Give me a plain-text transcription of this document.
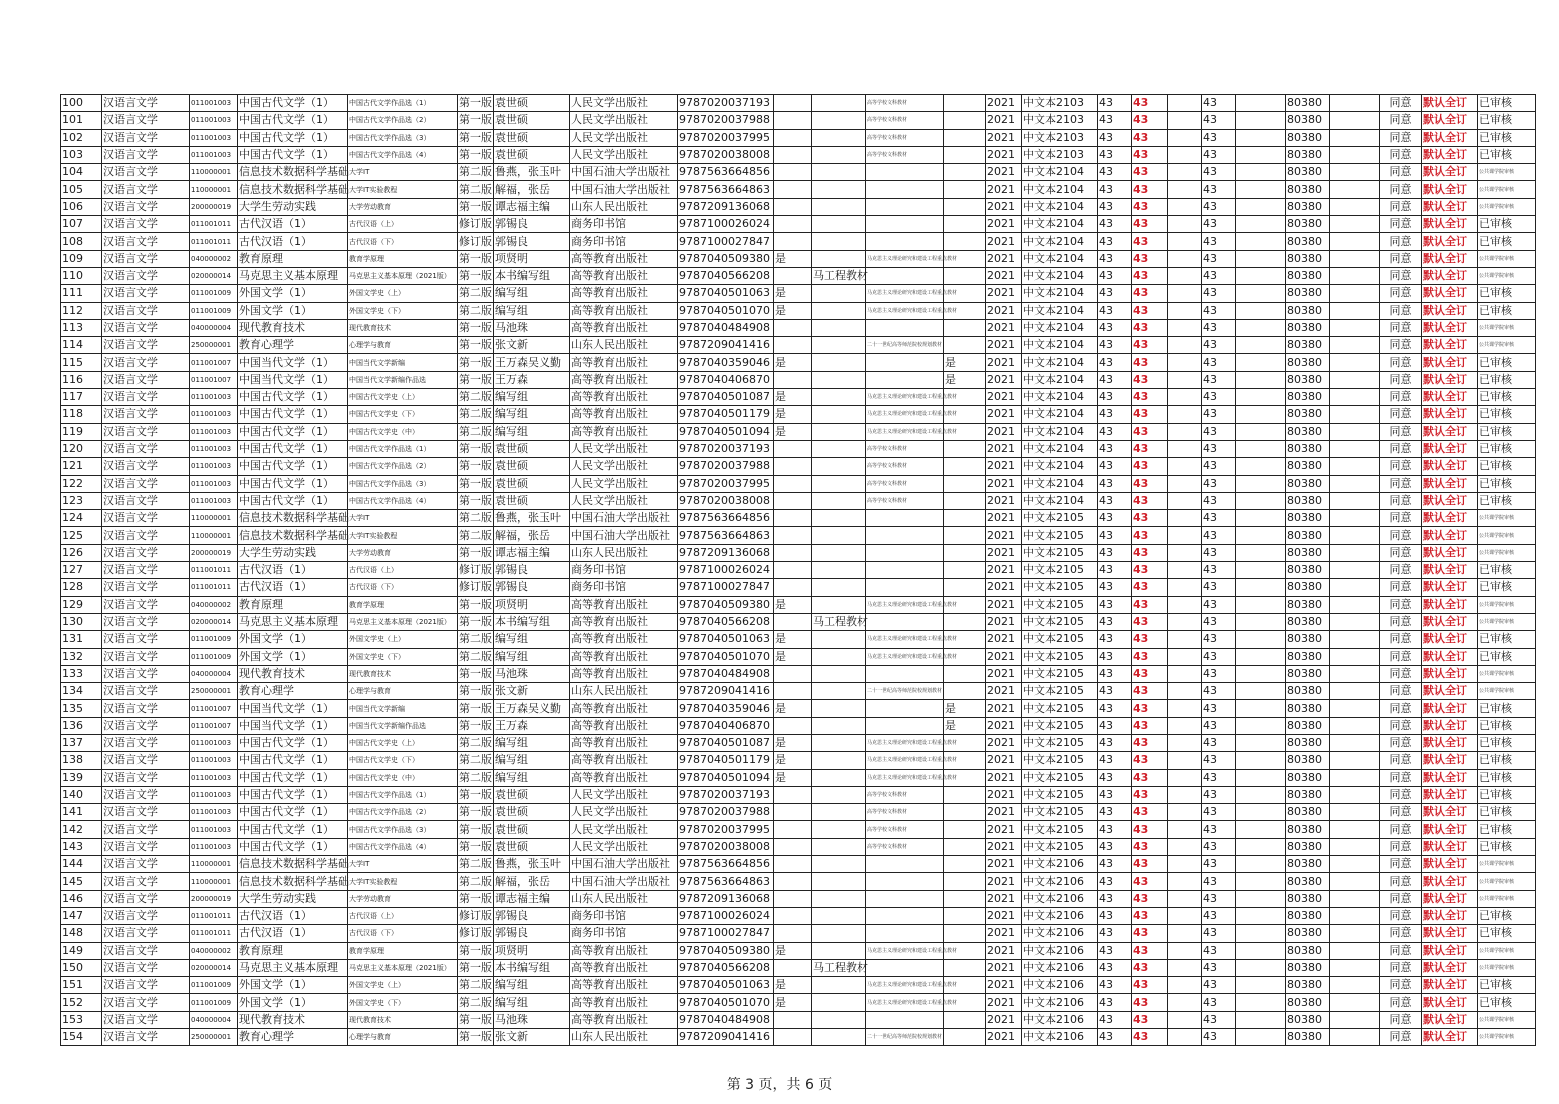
100	汉语言文学	011001003	中国古代文学（1）	中国古代文学作品选（1）	第一版	袁世硕	人民文学出版社	9787020037193			高等学校文科教材		2021	中文本2103	43	43		43		80380		同意	默认全订	已审核
101	汉语言文学	011001003	中国古代文学（1）	中国古代文学作品选（2）	第一版	袁世硕	人民文学出版社	9787020037988			高等学校文科教材		2021	中文本2103	43	43		43		80380		同意	默认全订	已审核
102	汉语言文学	011001003	中国古代文学（1）	中国古代文学作品选（3）	第一版	袁世硕	人民文学出版社	9787020037995			高等学校文科教材		2021	中文本2103	43	43		43		80380		同意	默认全订	已审核
103	汉语言文学	011001003	中国古代文学（1）	中国古代文学作品选（4）	第一版	袁世硕	人民文学出版社	9787020038008			高等学校文科教材		2021	中文本2103	43	43		43		80380		同意	默认全订	已审核
104	汉语言文学	110000001	信息技术数据科学基础	大学IT	第二版	鲁燕，张玉叶	中国石油大学出版社	9787563664856					2021	中文本2104	43	43		43		80380		同意	默认全订	公共课学院审核
105	汉语言文学	110000001	信息技术数据科学基础	大学IT实验教程	第二版	解福，张岳	中国石油大学出版社	9787563664863					2021	中文本2104	43	43		43		80380		同意	默认全订	公共课学院审核
106	汉语言文学	200000019	大学生劳动实践	大学劳动教育	第一版	谭志福主编	山东人民出版社	9787209136068					2021	中文本2104	43	43		43		80380		同意	默认全订	公共课学院审核
107	汉语言文学	011001011	古代汉语（1）	古代汉语（上）	修订版	郭锡良	商务印书馆	9787100026024					2021	中文本2104	43	43		43		80380		同意	默认全订	已审核
108	汉语言文学	011001011	古代汉语（1）	古代汉语（下）	修订版	郭锡良	商务印书馆	9787100027847					2021	中文本2104	43	43		43		80380		同意	默认全订	已审核
109	汉语言文学	040000002	教育原理	教育学原理	第一版	项贤明	高等教育出版社	9787040509380	是		马克思主义理论研究和建设工程重点教材		2021	中文本2104	43	43		43		80380		同意	默认全订	公共课学院审核
110	汉语言文学	020000014	马克思主义基本原理	马克思主义基本原理（2021版）	第一版	本书编写组	高等教育出版社	9787040566208		马工程教材			2021	中文本2104	43	43		43		80380		同意	默认全订	公共课学院审核
111	汉语言文学	011001009	外国文学（1）	外国文学史（上）	第二版	编写组	高等教育出版社	9787040501063	是		马克思主义理论研究和建设工程重点教材		2021	中文本2104	43	43		43		80380		同意	默认全订	已审核
112	汉语言文学	011001009	外国文学（1）	外国文学史（下）	第二版	编写组	高等教育出版社	9787040501070	是		马克思主义理论研究和建设工程重点教材		2021	中文本2104	43	43		43		80380		同意	默认全订	已审核
113	汉语言文学	040000004	现代教育技术	现代教育技术	第一版	马池珠	高等教育出版社	9787040484908					2021	中文本2104	43	43		43		80380		同意	默认全订	公共课学院审核
114	汉语言文学	250000001	教育心理学	心理学与教育	第一版	张文新	山东人民出版社	9787209041416			二十一世纪高等师范院校规划教材		2021	中文本2104	43	43		43		80380		同意	默认全订	公共课学院审核
115	汉语言文学	011001007	中国当代文学（1）	中国当代文学新编	第一版	王万森吴义勤	高等教育出版社	9787040359046	是			是	2021	中文本2104	43	43		43		80380		同意	默认全订	已审核
116	汉语言文学	011001007	中国当代文学（1）	中国当代文学新编作品选	第一版	王万森	高等教育出版社	9787040406870				是	2021	中文本2104	43	43		43		80380		同意	默认全订	已审核
117	汉语言文学	011001003	中国古代文学（1）	中国古代文学史（上）	第二版	编写组	高等教育出版社	9787040501087	是		马克思主义理论研究和建设工程重点教材		2021	中文本2104	43	43		43		80380		同意	默认全订	已审核
118	汉语言文学	011001003	中国古代文学（1）	中国古代文学史（下）	第二版	编写组	高等教育出版社	9787040501179	是		马克思主义理论研究和建设工程重点教材		2021	中文本2104	43	43		43		80380		同意	默认全订	已审核
119	汉语言文学	011001003	中国古代文学（1）	中国古代文学史（中）	第二版	编写组	高等教育出版社	9787040501094	是		马克思主义理论研究和建设工程重点教材		2021	中文本2104	43	43		43		80380		同意	默认全订	已审核
120	汉语言文学	011001003	中国古代文学（1）	中国古代文学作品选（1）	第一版	袁世硕	人民文学出版社	9787020037193			高等学校文科教材		2021	中文本2104	43	43		43		80380		同意	默认全订	已审核
121	汉语言文学	011001003	中国古代文学（1）	中国古代文学作品选（2）	第一版	袁世硕	人民文学出版社	9787020037988			高等学校文科教材		2021	中文本2104	43	43		43		80380		同意	默认全订	已审核
122	汉语言文学	011001003	中国古代文学（1）	中国古代文学作品选（3）	第一版	袁世硕	人民文学出版社	9787020037995			高等学校文科教材		2021	中文本2104	43	43		43		80380		同意	默认全订	已审核
123	汉语言文学	011001003	中国古代文学（1）	中国古代文学作品选（4）	第一版	袁世硕	人民文学出版社	9787020038008			高等学校文科教材		2021	中文本2104	43	43		43		80380		同意	默认全订	已审核
124	汉语言文学	110000001	信息技术数据科学基础	大学IT	第二版	鲁燕，张玉叶	中国石油大学出版社	9787563664856					2021	中文本2105	43	43		43		80380		同意	默认全订	公共课学院审核
125	汉语言文学	110000001	信息技术数据科学基础	大学IT实验教程	第二版	解福，张岳	中国石油大学出版社	9787563664863					2021	中文本2105	43	43		43		80380		同意	默认全订	公共课学院审核
126	汉语言文学	200000019	大学生劳动实践	大学劳动教育	第一版	谭志福主编	山东人民出版社	9787209136068					2021	中文本2105	43	43		43		80380		同意	默认全订	公共课学院审核
127	汉语言文学	011001011	古代汉语（1）	古代汉语（上）	修订版	郭锡良	商务印书馆	9787100026024					2021	中文本2105	43	43		43		80380		同意	默认全订	已审核
128	汉语言文学	011001011	古代汉语（1）	古代汉语（下）	修订版	郭锡良	商务印书馆	9787100027847					2021	中文本2105	43	43		43		80380		同意	默认全订	已审核
129	汉语言文学	040000002	教育原理	教育学原理	第一版	项贤明	高等教育出版社	9787040509380	是		马克思主义理论研究和建设工程重点教材		2021	中文本2105	43	43		43		80380		同意	默认全订	公共课学院审核
130	汉语言文学	020000014	马克思主义基本原理	马克思主义基本原理（2021版）	第一版	本书编写组	高等教育出版社	9787040566208		马工程教材			2021	中文本2105	43	43		43		80380		同意	默认全订	公共课学院审核
131	汉语言文学	011001009	外国文学（1）	外国文学史（上）	第二版	编写组	高等教育出版社	9787040501063	是		马克思主义理论研究和建设工程重点教材		2021	中文本2105	43	43		43		80380		同意	默认全订	已审核
132	汉语言文学	011001009	外国文学（1）	外国文学史（下）	第二版	编写组	高等教育出版社	9787040501070	是		马克思主义理论研究和建设工程重点教材		2021	中文本2105	43	43		43		80380		同意	默认全订	已审核
133	汉语言文学	040000004	现代教育技术	现代教育技术	第一版	马池珠	高等教育出版社	9787040484908					2021	中文本2105	43	43		43		80380		同意	默认全订	公共课学院审核
134	汉语言文学	250000001	教育心理学	心理学与教育	第一版	张文新	山东人民出版社	9787209041416			二十一世纪高等师范院校规划教材		2021	中文本2105	43	43		43		80380		同意	默认全订	公共课学院审核
135	汉语言文学	011001007	中国当代文学（1）	中国当代文学新编	第一版	王万森吴义勤	高等教育出版社	9787040359046	是			是	2021	中文本2105	43	43		43		80380		同意	默认全订	已审核
136	汉语言文学	011001007	中国当代文学（1）	中国当代文学新编作品选	第一版	王万森	高等教育出版社	9787040406870				是	2021	中文本2105	43	43		43		80380		同意	默认全订	已审核
137	汉语言文学	011001003	中国古代文学（1）	中国古代文学史（上）	第二版	编写组	高等教育出版社	9787040501087	是		马克思主义理论研究和建设工程重点教材		2021	中文本2105	43	43		43		80380		同意	默认全订	已审核
138	汉语言文学	011001003	中国古代文学（1）	中国古代文学史（下）	第二版	编写组	高等教育出版社	9787040501179	是		马克思主义理论研究和建设工程重点教材		2021	中文本2105	43	43		43		80380		同意	默认全订	已审核
139	汉语言文学	011001003	中国古代文学（1）	中国古代文学史（中）	第二版	编写组	高等教育出版社	9787040501094	是		马克思主义理论研究和建设工程重点教材		2021	中文本2105	43	43		43		80380		同意	默认全订	已审核
140	汉语言文学	011001003	中国古代文学（1）	中国古代文学作品选（1）	第一版	袁世硕	人民文学出版社	9787020037193			高等学校文科教材		2021	中文本2105	43	43		43		80380		同意	默认全订	已审核
141	汉语言文学	011001003	中国古代文学（1）	中国古代文学作品选（2）	第一版	袁世硕	人民文学出版社	9787020037988			高等学校文科教材		2021	中文本2105	43	43		43		80380		同意	默认全订	已审核
142	汉语言文学	011001003	中国古代文学（1）	中国古代文学作品选（3）	第一版	袁世硕	人民文学出版社	9787020037995			高等学校文科教材		2021	中文本2105	43	43		43		80380		同意	默认全订	已审核
143	汉语言文学	011001003	中国古代文学（1）	中国古代文学作品选（4）	第一版	袁世硕	人民文学出版社	9787020038008			高等学校文科教材		2021	中文本2105	43	43		43		80380		同意	默认全订	已审核
144	汉语言文学	110000001	信息技术数据科学基础	大学IT	第二版	鲁燕，张玉叶	中国石油大学出版社	9787563664856					2021	中文本2106	43	43		43		80380		同意	默认全订	公共课学院审核
145	汉语言文学	110000001	信息技术数据科学基础	大学IT实验教程	第二版	解福，张岳	中国石油大学出版社	9787563664863					2021	中文本2106	43	43		43		80380		同意	默认全订	公共课学院审核
146	汉语言文学	200000019	大学生劳动实践	大学劳动教育	第一版	谭志福主编	山东人民出版社	9787209136068					2021	中文本2106	43	43		43		80380		同意	默认全订	公共课学院审核
147	汉语言文学	011001011	古代汉语（1）	古代汉语（上）	修订版	郭锡良	商务印书馆	9787100026024					2021	中文本2106	43	43		43		80380		同意	默认全订	已审核
148	汉语言文学	011001011	古代汉语（1）	古代汉语（下）	修订版	郭锡良	商务印书馆	9787100027847					2021	中文本2106	43	43		43		80380		同意	默认全订	已审核
149	汉语言文学	040000002	教育原理	教育学原理	第一版	项贤明	高等教育出版社	9787040509380	是		马克思主义理论研究和建设工程重点教材		2021	中文本2106	43	43		43		80380		同意	默认全订	公共课学院审核
150	汉语言文学	020000014	马克思主义基本原理	马克思主义基本原理（2021版）	第一版	本书编写组	高等教育出版社	9787040566208		马工程教材			2021	中文本2106	43	43		43		80380		同意	默认全订	公共课学院审核
151	汉语言文学	011001009	外国文学（1）	外国文学史（上）	第二版	编写组	高等教育出版社	9787040501063	是		马克思主义理论研究和建设工程重点教材		2021	中文本2106	43	43		43		80380		同意	默认全订	已审核
152	汉语言文学	011001009	外国文学（1）	外国文学史（下）	第二版	编写组	高等教育出版社	9787040501070	是		马克思主义理论研究和建设工程重点教材		2021	中文本2106	43	43		43		80380		同意	默认全订	已审核
153	汉语言文学	040000004	现代教育技术	现代教育技术	第一版	马池珠	高等教育出版社	9787040484908					2021	中文本2106	43	43		43		80380		同意	默认全订	公共课学院审核
154	汉语言文学	250000001	教育心理学	心理学与教育	第一版	张文新	山东人民出版社	9787209041416			二十一世纪高等师范院校规划教材		2021	中文本2106	43	43		43		80380		同意	默认全订	公共课学院审核
第 3 页，共 6 页
